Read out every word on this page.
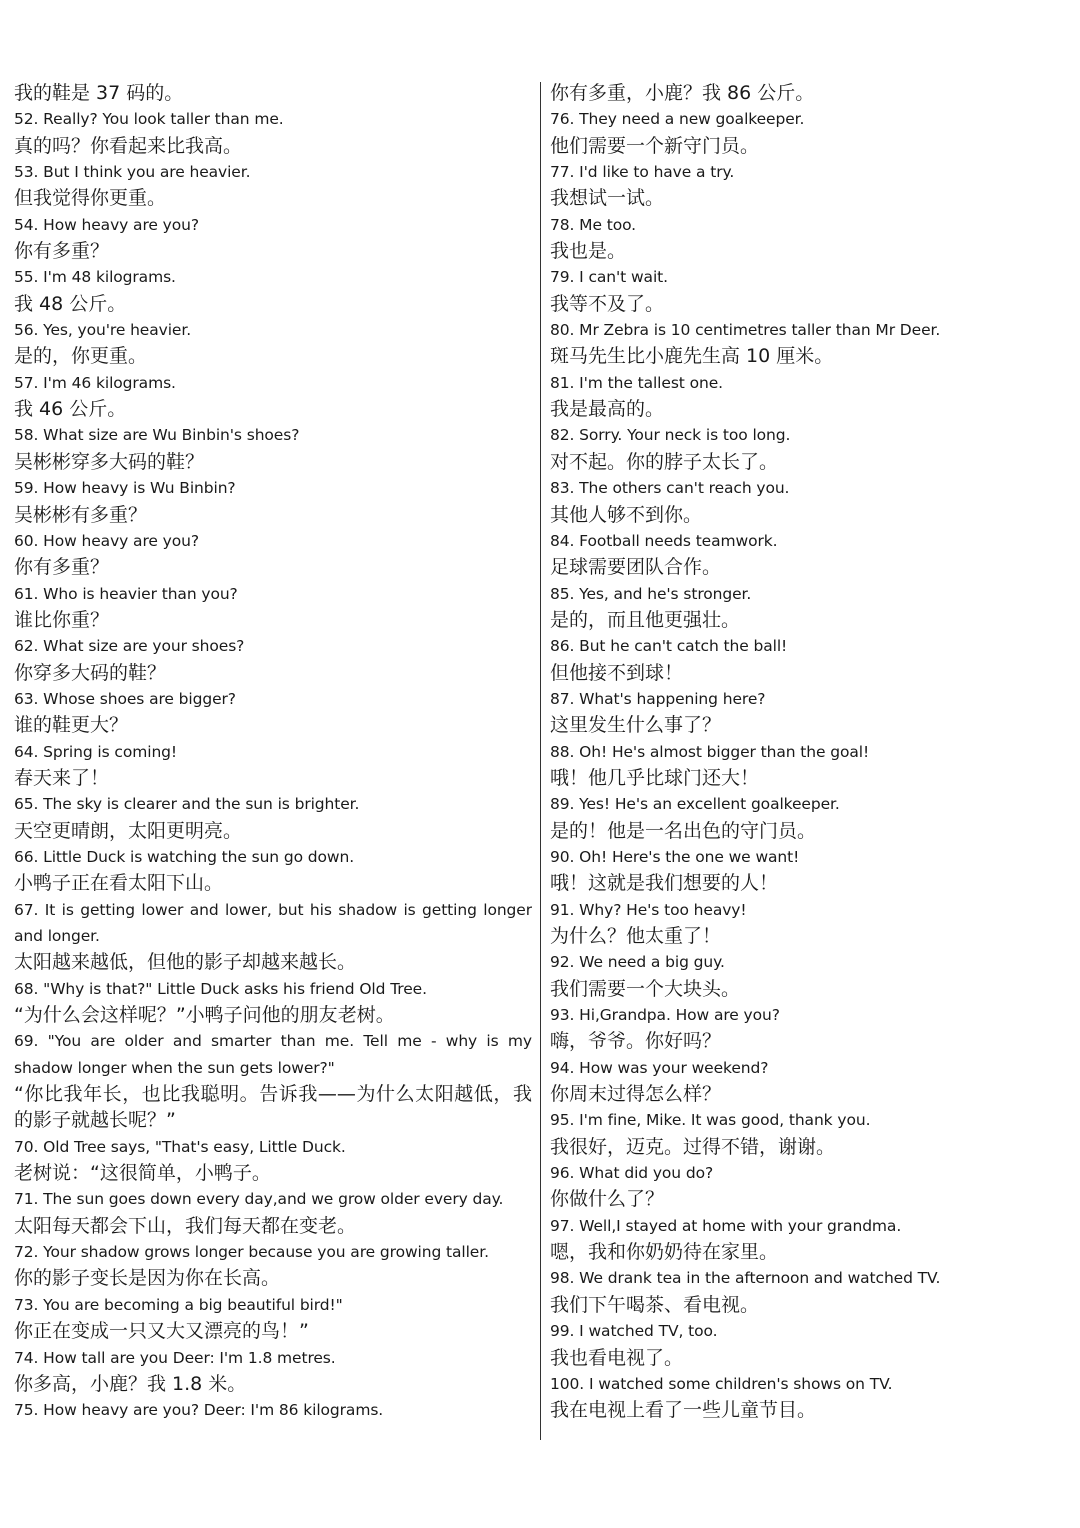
我的鞋是 37 码的。
52. Really? You look taller than me.
真的吗？你看起来比我高。
53. But I think you are heavier.
但我觉得你更重。
54. How heavy are you?
你有多重？
55. I'm 48 kilograms.
我 48 公斤。
56. Yes, you're heavier.
是的，你更重。
57. I'm 46 kilograms.
我 46 公斤。
58. What size are Wu Binbin's shoes?
吴彬彬穿多大码的鞋？
59. How heavy is Wu Binbin?
吴彬彬有多重？
60. How heavy are you?
你有多重？
61. Who is heavier than you?
谁比你重？
62. What size are your shoes?
你穿多大码的鞋？
63. Whose shoes are bigger?
谁的鞋更大？
64. Spring is coming!
春天来了！
65. The sky is clearer and the sun is brighter.
天空更晴朗，太阳更明亮。
66. Little Duck is watching the sun go down.
小鸭子正在看太阳下山。
67. It is getting lower and lower, but his shadow is getting longer
and longer.
太阳越来越低，但他的影子却越来越长。
68. "Why is that?" Little Duck asks his friend Old Tree.
“为什么会这样呢？”小鸭子问他的朋友老树。
69. "You are older and smarter than me. Tell me - why is my
shadow longer when the sun gets lower?"
“你比我年长，也比我聪明。告诉我——为什么太阳越低，我
的影子就越长呢？”
70. Old Tree says, "That's easy, Little Duck.
老树说：“这很简单，小鸭子。
71. The sun goes down every day,and we grow older every day.
太阳每天都会下山，我们每天都在变老。
72. Your shadow grows longer because you are growing taller.
你的影子变长是因为你在长高。
73. You are becoming a big beautiful bird!"
你正在变成一只又大又漂亮的鸟！”
74. How tall are you Deer: I'm 1.8 metres.
你多高，小鹿？我 1.8 米。
75. How heavy are you? Deer: I'm 86 kilograms.
你有多重，小鹿？我 86 公斤。
76. They need a new goalkeeper.
他们需要一个新守门员。
77. I'd like to have a try.
我想试一试。
78. Me too.
我也是。
79. I can't wait.
我等不及了。
80. Mr Zebra is 10 centimetres taller than Mr Deer.
斑马先生比小鹿先生高 10 厘米。
81. I'm the tallest one.
我是最高的。
82. Sorry. Your neck is too long.
对不起。你的脖子太长了。
83. The others can't reach you.
其他人够不到你。
84. Football needs teamwork.
足球需要团队合作。
85. Yes, and he's stronger.
是的，而且他更强壮。
86. But he can't catch the ball!
但他接不到球！
87. What's happening here?
这里发生什么事了？
88. Oh! He's almost bigger than the goal!
哦！他几乎比球门还大！
89. Yes! He's an excellent goalkeeper.
是的！他是一名出色的守门员。
90. Oh! Here's the one we want!
哦！这就是我们想要的人！
91. Why? He's too heavy!
为什么？他太重了！
92. We need a big guy.
我们需要一个大块头。
93. Hi,Grandpa. How are you?
嗨，爷爷。你好吗？
94. How was your weekend?
你周末过得怎么样？
95. I'm fine, Mike. It was good, thank you.
我很好，迈克。过得不错，谢谢。
96. What did you do?
你做什么了？
97. Well,I stayed at home with your grandma.
嗯，我和你奶奶待在家里。
98. We drank tea in the afternoon and watched TV.
我们下午喝茶、看电视。
99. I watched TV, too.
我也看电视了。
100. I watched some children's shows on TV.
我在电视上看了一些儿童节目。
